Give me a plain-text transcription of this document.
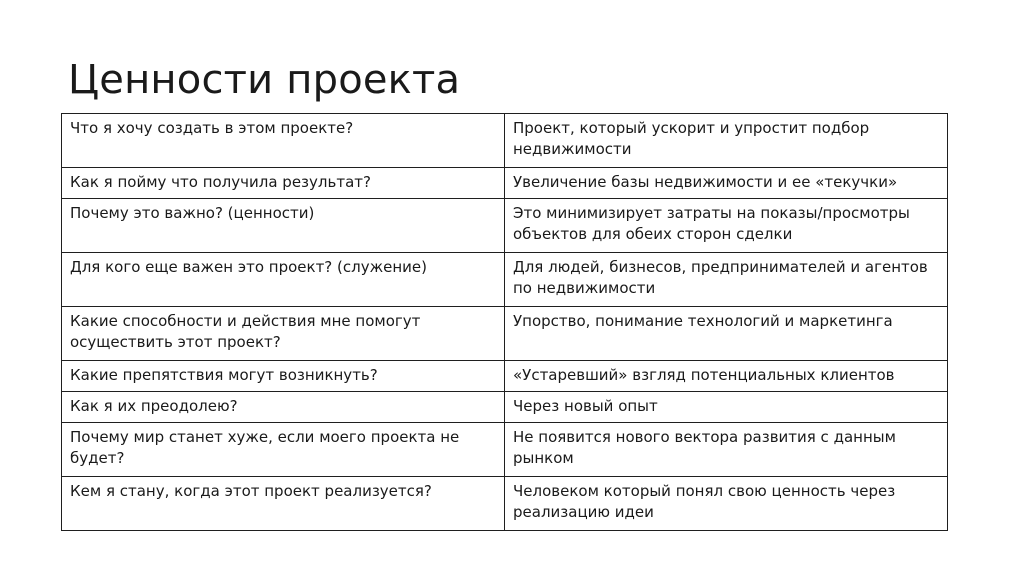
Ценности проекта
Что я хочу создать в этом проекте?	Проект, который ускорит и упростит подбор недвижимости
Как я пойму что получила результат?	Увеличение базы недвижимости и ее «текучки»
Почему это важно? (ценности)	Это минимизирует затраты на показы/просмотры объектов для обеих сторон сделки
Для кого еще важен это проект? (служение)	Для людей, бизнесов, предпринимателей и агентов по недвижимости
Какие способности и действия мне помогут осуществить этот проект?	Упорство, понимание технологий и маркетинга
Какие препятствия могут возникнуть?	«Устаревший» взгляд потенциальных клиентов
Как я их преодолею?	Через новый опыт
Почему мир станет хуже, если моего проекта не будет?	Не появится нового вектора развития с данным рынком
Кем я стану, когда этот проект реализуется?	Человеком который понял свою ценность через реализацию идеи
